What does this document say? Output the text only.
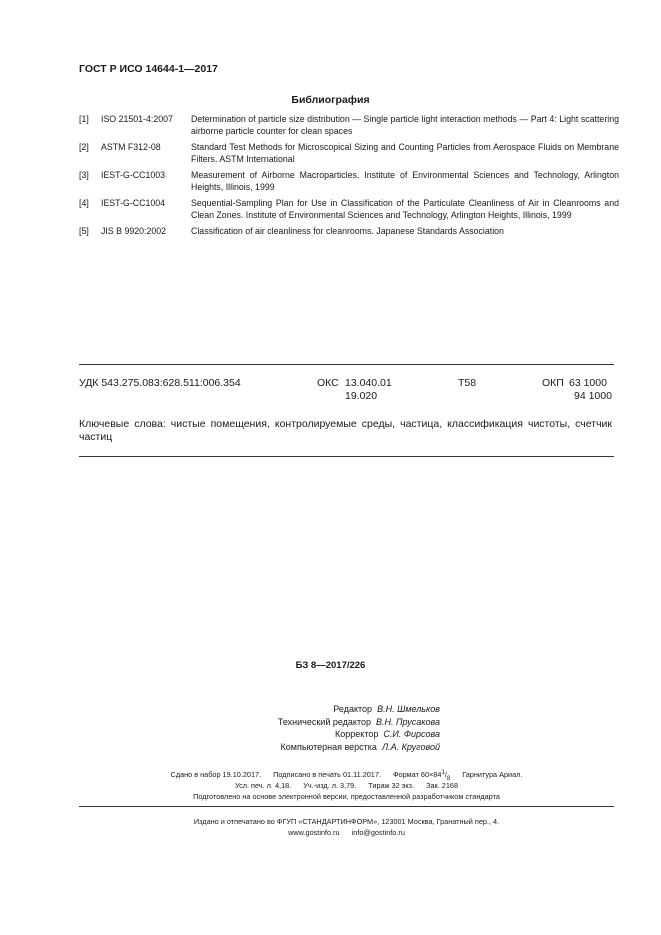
ГОСТ Р ИСО 14644-1—2017
Библиография
[1] ISO 21501-4:2007 Determination of particle size distribution — Single particle light interaction methods — Part 4: Light scattering airborne particle counter for clean spaces
[2] ASTM F312-08	Standard Test Methods for Microscopical Sizing and Counting Particles from Aerospace Fluids on Membrane Filters. ASTM International
[3] IEST-G-CC1003	Measurement of Airborne Macroparticles. Institute of Environmental Sciences and Technology, Arlington Heights, Illinois, 1999
[4] IEST-G-CC1004	Sequential-Sampling Plan for Use in Classification of the Particulate Cleanliness of Air in Cleanrooms and Clean Zones. Institute of Environmental Sciences and Technology, Arlington Heights, Illinois, 1999
[5] JIS B 9920:2002	Classification of air cleanliness for cleanrooms. Japanese Standards Association
УДК 543.275.083:628.511:006.354	ОКС 13.040.01
19.020
Т58	ОКП 63 1000
94 1000
Ключевые слова: чистые помещения, контролируемые среды, частица, классификация чистоты, счетчик частиц
БЗ 8—2017/226
Редактор В.Н. Шмельков
Технический редактор В.Н. Прусакова
Корректор С.И. Фирсова
Компьютерная верстка Л.А. Круговой
Сдано в набор 19.10.2017. Подписано в печать 01.11.2017. Формат $60\times 84^1/_8$ Гарнитура Ариал.
Усл. печ. л. 4,18. Уч.-изд. л. 3,79. Тираж 32 экз. Зак. 2168
Подготовлено на основе электронной версии, предоставленной разработчиком стандарта
Издано и отпечатано во ФГУП «СТАНДАРТИНФОРМ», 123001 Москва, Гранатный пер., 4.
www.gostinfo.ru info@gostinfo.ru
